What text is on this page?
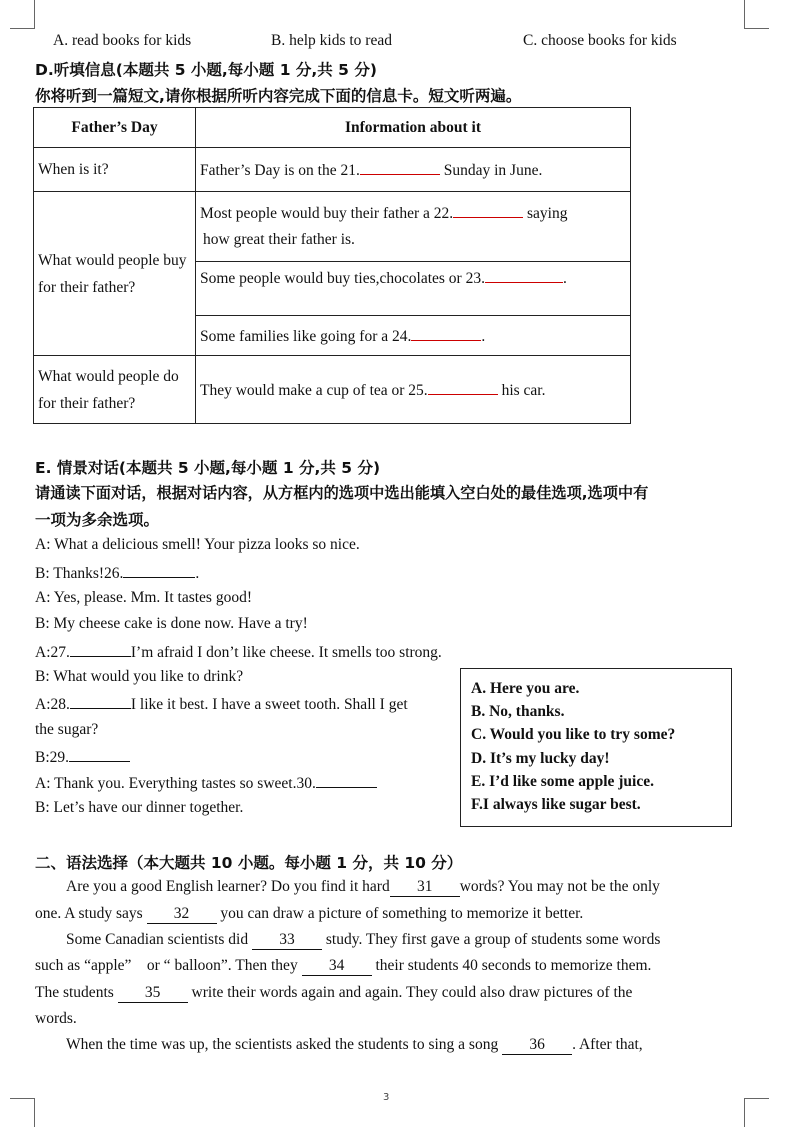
A. read books for kids	B. help kids to read	C. choose books for kids
D.听填信息(本题共 5 小题,每小题 1 分,共 5 分)
你将听到一篇短文,请你根据所听内容完成下面的信息卡。短文听两遍。
Father’s Day	Information about it
When is it?	Father’s Day is on the 21. Sunday in June.

What would people buy for their father?	Most people would buy their father a 22. saying
how great their father is.
	Some people would buy ties,chocolates or 23. .
	Some families like going for a 24. .

What would people do for their father?	They would make a cup of tea or 25. his car.
E. 情景对话(本题共 5 小题,每小题 1 分,共 5 分)
请通读下面对话，根据对话内容，从方框内的选项中选出能填入空白处的最佳选项,选项中有
一项为多余选项。
A: What a delicious smell! Your pizza looks so nice.
B: Thanks!26.	.
A: Yes, please. Mm. It tastes good!
B: My cheese cake is done now. Have a try!
A:27.	I’m afraid I don’t like cheese. It smells too strong.
B: What would you like to drink?
A:28.	I like it best. I have a sweet tooth. Shall I get
the sugar?
B:29.
A: Thank you. Everything tastes so sweet.30.
B: Let’s have our dinner together.
A. Here you are.
B. No, thanks.
C. Would you like to try some?
D. It’s my lucky day!
E. I’d like some apple juice.
F.I always like sugar best.
二、语法选择（本大题共 10 小题。每小题 1 分，共 10 分）
Are you a good English learner? Do you find it hard 31 words? You may not be the only
one. A study says 32 you can draw a picture of something to memorize it better.
Some Canadian scientists did 33 study. They first gave a group of students some words
such as “apple”    or “ balloon”. Then they 34 their students 40 seconds to memorize them.
The students 35 write their words again and again. They could also draw pictures of the
words.
When the time was up, the scientists asked the students to sing a song 36 . After that,
3
